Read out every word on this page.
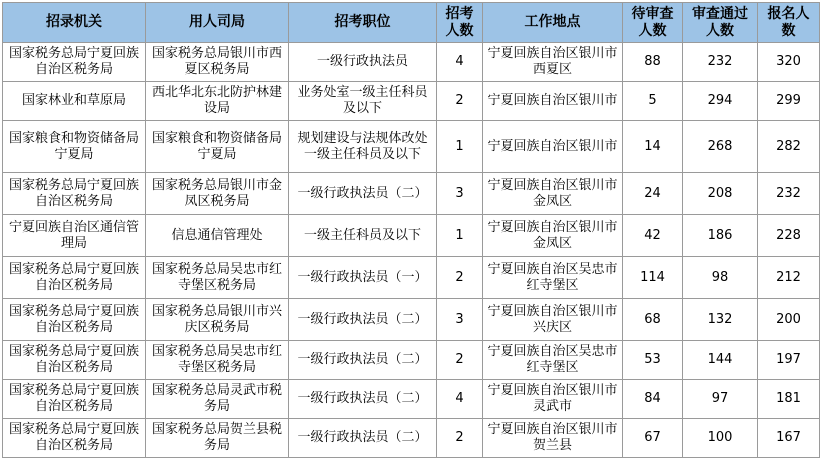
招录机关	用人司局	招考职位	招考人数	工作地点	待审查人数	审查通过人数	报名人数
国家税务总局宁夏回族自治区税务局	国家税务总局银川市西夏区税务局	一级行政执法员	4	宁夏回族自治区银川市西夏区	88	232	320
国家林业和草原局	西北华北东北防护林建设局	业务处室一级主任科员及以下	2	宁夏回族自治区银川市	5	294	299
国家粮食和物资储备局宁夏局	国家粮食和物资储备局宁夏局	规划建设与法规体改处一级主任科员及以下	1	宁夏回族自治区银川市	14	268	282
国家税务总局宁夏回族自治区税务局	国家税务总局银川市金凤区税务局	一级行政执法员（二）	3	宁夏回族自治区银川市金凤区	24	208	232
宁夏回族自治区通信管理局	信息通信管理处	一级主任科员及以下	1	宁夏回族自治区银川市金凤区	42	186	228
国家税务总局宁夏回族自治区税务局	国家税务总局吴忠市红寺堡区税务局	一级行政执法员（一）	2	宁夏回族自治区吴忠市红寺堡区	114	98	212
国家税务总局宁夏回族自治区税务局	国家税务总局银川市兴庆区税务局	一级行政执法员（二）	3	宁夏回族自治区银川市兴庆区	68	132	200
国家税务总局宁夏回族自治区税务局	国家税务总局吴忠市红寺堡区税务局	一级行政执法员（二）	2	宁夏回族自治区吴忠市红寺堡区	53	144	197
国家税务总局宁夏回族自治区税务局	国家税务总局灵武市税务局	一级行政执法员（二）	4	宁夏回族自治区银川市灵武市	84	97	181
国家税务总局宁夏回族自治区税务局	国家税务总局贺兰县税务局	一级行政执法员（二）	2	宁夏回族自治区银川市贺兰县	67	100	167
